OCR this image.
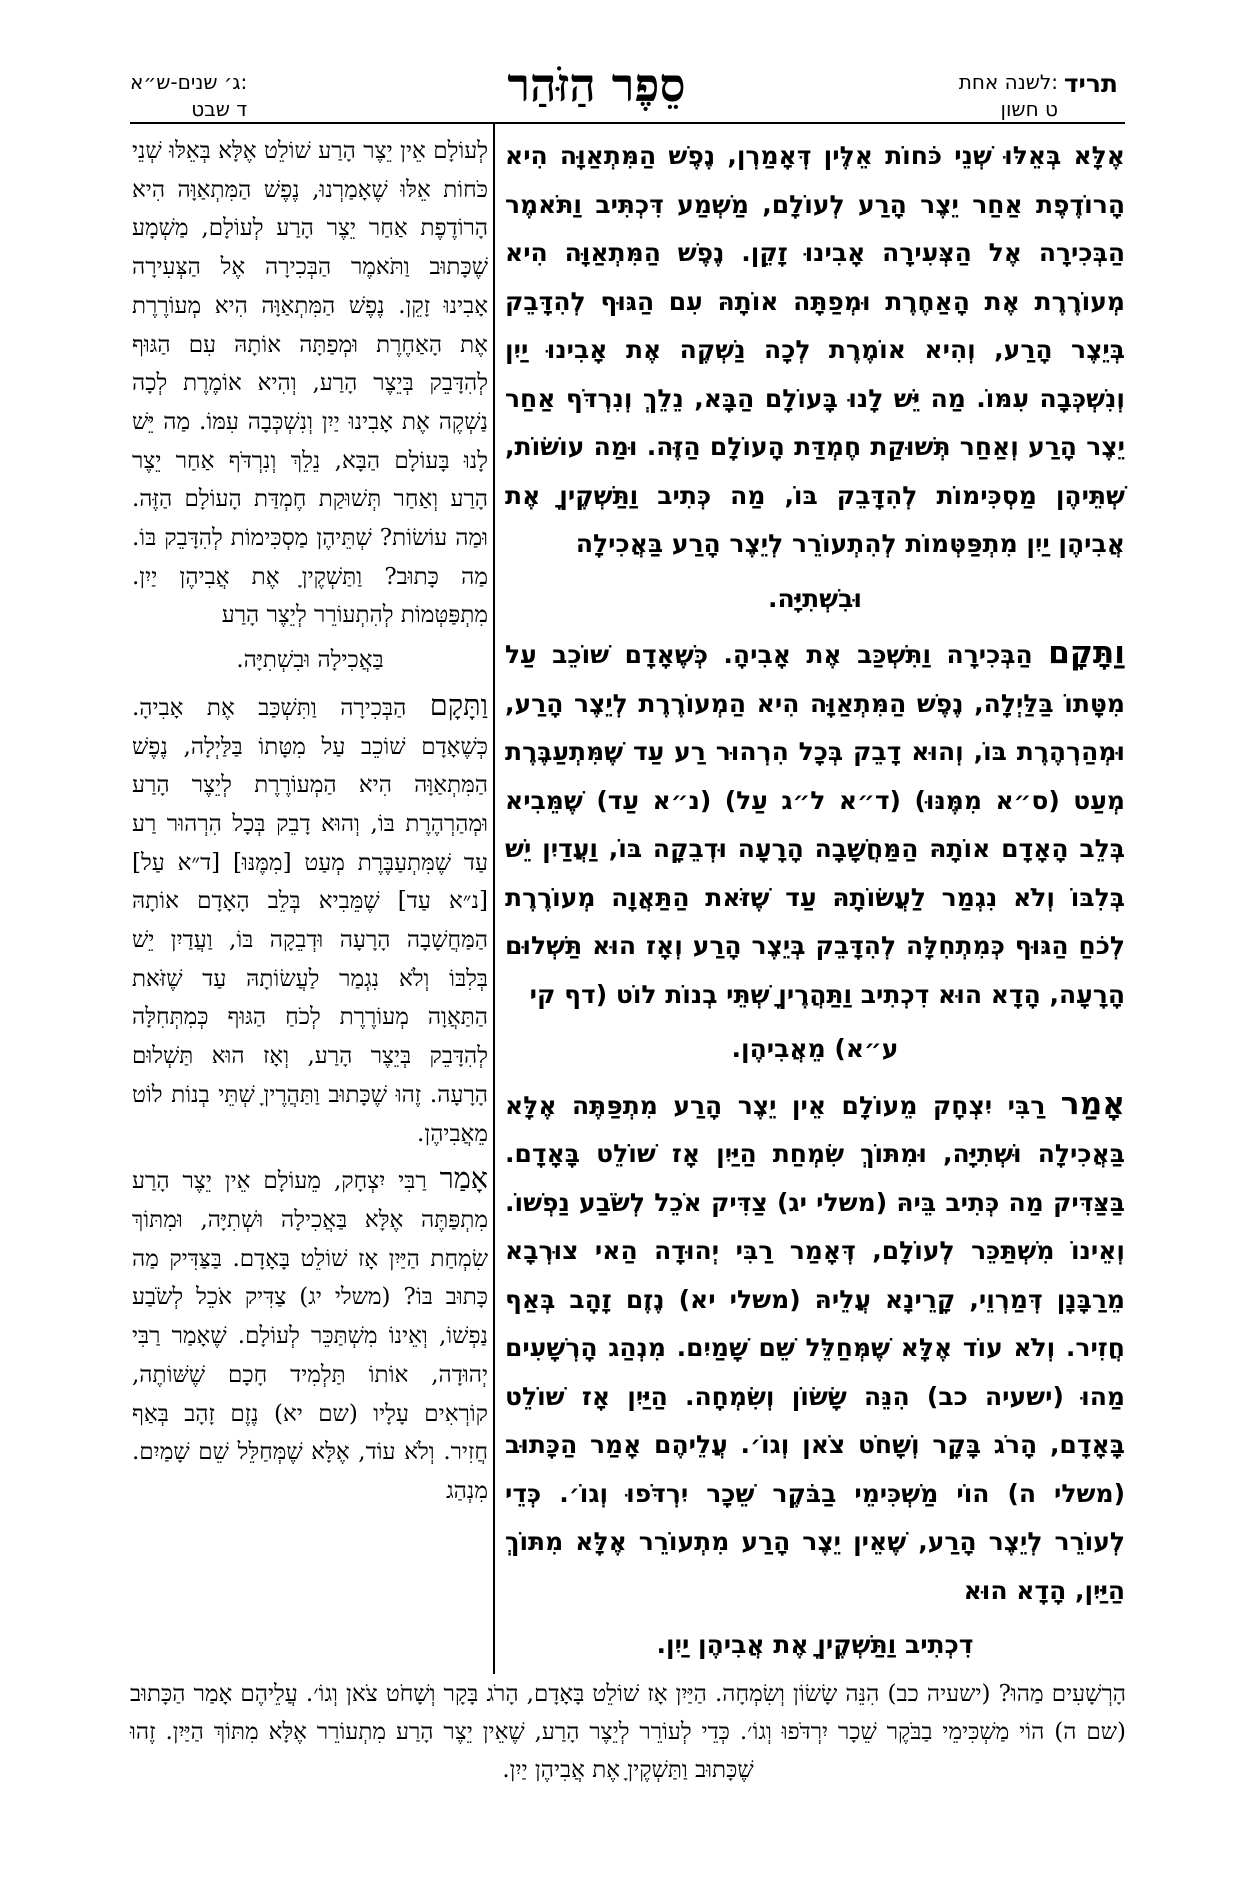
תריד
לשנה אחת:
ט חשון
סֵפֶר הַזֹּהַר
ג׳ שנים-ש״א:
ד שבט

אֶלָּא בְּאֵלּוּ שְׁנֵי כֹּחוֹת אֵלֶּין דְּאָמַרְן, נֶפֶשׁ הַמִּתְאַוָּה הִיא הָרוֹדֶפֶת אַחַר יֵצֶר הָרַע לְעוֹלָם, מַשְׁמַע דִּכְתִּיב וַתֹּאמֶר הַבְּכִירָה אֶל הַצְּעִירָה אָבִינוּ זָקֵן. נֶפֶשׁ הַמִּתְאַוָּה הִיא מְעוֹרֶרֶת אֶת הָאַחֶרֶת וּמְפַתָּה אוֹתָהּ עִם הַגּוּף לְהִדָּבֵק בְּיֵצֶר הָרַע, וְהִיא אוֹמֶרֶת לְכָה נַשְׁקֶה אֶת אָבִינוּ יַיִן וְנִשְׁכְּבָה עִמּוֹ. מַה יֵּשׁ לָנוּ בָּעוֹלָם הַבָּא, נֵלֵךְ וְנִרְדֹּף אַחַר יֵצֶר הָרַע וְאַחַר תְּשׁוּקַת חֶמְדַּת הָעוֹלָם הַזֶּה. וּמַה עוֹשׂוֹת, שְׁתֵּיהֶן מַסְכִּימוֹת לְהִדָּבֵק בּוֹ, מַה כְּתִיב וַתַּשְׁקֶיןָ אֶת אֲבִיהֶן יַיִן מִתְפַּטְּמוֹת לְהִתְעוֹרֵר לְיֵצֶר הָרַע בַּאֲכִילָה

וּבִשְׁתִיָּה.

וַתָּקָם הַבְּכִירָה וַתִּשְׁכַּב אֶת אָבִיהָ. כְּשֶׁאָדָם שׁוֹכֵב עַל מִטָּתוֹ בַּלַּיְלָה, נֶפֶשׁ הַמִּתְאַוָּה הִיא הַמְעוֹרֶרֶת לְיֵצֶר הָרַע, וּמְהַרְהֶרֶת בּוֹ, וְהוּא דָבֵק בְּכָל הִרְהוּר רַע עַד שֶׁמִּתְעַבֶּרֶת מְעַט (ס״א מִמֶּנּוּ) (ד״א ל״ג עַל) (נ״א עַד) שֶׁמֵּבִיא בְּלֵב הָאָדָם אוֹתָהּ הַמַּחֲשָׁבָה הָרָעָה וּדְבֵקָה בּוֹ, וַעֲדַיִן יֵשׁ בְּלִבּוֹ וְלֹא נִגְמַר לַעֲשׂוֹתָהּ עַד שֶׁזֹּאת הַתַּאֲוָה מְעוֹרֶרֶת לְכֹחַ הַגּוּף כְּמִתְחִלָּה לְהִדָּבֵק בְּיֵצֶר הָרַע וְאָז הוּא תַּשְׁלוּם הָרָעָה, הָדָא הוּא דִכְתִיב וַתַּהֲרֶיןָ שְׁתֵּי בְנוֹת לוֹט (דף קי

ע״א) מֵאֲבִיהֶן.

אָמַר רַבִּי יִצְחָק מֵעוֹלָם אֵין יֵצֶר הָרַע מִתְפַּתֶּה אֶלָּא בַּאֲכִילָה וּשְׁתִיָּה, וּמִתּוֹךְ שִׂמְחַת הַיַּיִן אָז שׁוֹלֵט בָּאָדָם. בַּצַּדִּיק מַה כְּתִיב בֵּיהּ (משלי יג) צַדִּיק אֹכֵל לְשֹׂבַע נַפְשׁוֹ. וְאֵינוֹ מִשְׁתַּכֵּר לְעוֹלָם, דְּאָמַר רַבִּי יְהוּדָה הַאי צוּרְבָא מֵרַבָּנָן דְּמַרְוֵי, קָרֵינָא עֲלֵיהּ (משלי יא) נֶזֶם זָהָב בְּאַף חֲזִיר. וְלֹא עוֹד אֶלָּא שֶׁמְּחַלֵּל שֵׁם שָׁמַיִם. מִנְהַג הָרְשָׁעִים מַהוּ (ישעיה כב) הִנֵּה שָׂשׂוֹן וְשִׂמְחָה. הַיַּיִן אָז שׁוֹלֵט בָּאָדָם, הָרֹג בָּקָר וְשָׁחֹט צֹאן וְגוֹ׳. עֲלֵיהֶם אָמַר הַכָּתוּב (משלי ה) הוֹי מַשְׁכִּימֵי בַבֹּקֶר שֵׁכָר יִרְדֹּפוּ וְגוֹ׳. כְּדֵי לְעוֹרֵר לְיֵצֶר הָרַע, שֶׁאֵין יֵצֶר הָרַע מִתְעוֹרֵר אֶלָּא מִתּוֹךְ הַיַּיִן, הָדָא הוּא

דִכְתִיב וַתַּשְׁקֶיןָ אֶת אֲבִיהֶן יַיִן.

לְעוֹלָם אֵין יֵצֶר הָרַע שׁוֹלֵט אֶלָּא בְּאֵלּוּ שְׁנֵי כֹּחוֹת אֵלּוּ שֶׁאָמַרְנוּ, נֶפֶשׁ הַמִּתְאַוָּה הִיא הָרוֹדֶפֶת אַחַר יֵצֶר הָרַע לְעוֹלָם, מַשְׁמָע שֶׁכָּתוּב וַתֹּאמֶר הַבְּכִירָה אֶל הַצְּעִירָה אָבִינוּ זָקֵן. נֶפֶשׁ הַמִּתְאַוָּה הִיא מְעוֹרֶרֶת אֶת הָאַחֶרֶת וּמְפַתָּה אוֹתָהּ עִם הַגּוּף לְהִדָּבֵק בְּיֵצֶר הָרַע, וְהִיא אוֹמֶרֶת לְכָה נַשְׁקֶה אֶת אָבִינוּ יַיִן וְנִשְׁכְּבָה עִמּוֹ. מַה יֵּשׁ לָנוּ בָּעוֹלָם הַבָּא, נֵלֵךְ וְנִרְדֹּף אַחַר יֵצֶר הָרַע וְאַחַר תְּשׁוּקַת חֶמְדַּת הָעוֹלָם הַזֶּה. וּמַה עוֹשׂוֹת? שְׁתֵּיהֶן מַסְכִּימוֹת לְהִדָּבֵק בּוֹ. מַה כָּתוּב? וַתַּשְׁקֶיןָ אֶת אֲבִיהֶן יַיִן. מִתְפַּטְּמוֹת לְהִתְעוֹרֵר לְיֵצֶר הָרַע

בַּאֲכִילָה וּבִשְׁתִיָּה.

וַתָּקָם הַבְּכִירָה וַתִּשְׁכַּב אֶת אָבִיהָ. כְּשֶׁאָדָם שׁוֹכֵב עַל מִטָּתוֹ בַּלַּיְלָה, נֶפֶשׁ הַמִּתְאַוָּה הִיא הַמְעוֹרֶרֶת לְיֵצֶר הָרַע וּמְהַרְהֶרֶת בּוֹ, וְהוּא דָבֵק בְּכָל הִרְהוּר רַע עַד שֶׁמִּתְעַבֶּרֶת מְעַט [מִמֶּנּוּ] [ד״א עַל] [נ״א עַד] שֶׁמֵּבִיא בְּלֵב הָאָדָם אוֹתָהּ הַמַּחֲשָׁבָה הָרָעָה וּדְבֵקָה בּוֹ, וַעֲדַיִן יֵשׁ בְּלִבּוֹ וְלֹא נִגְמַר לַעֲשׂוֹתָהּ עַד שֶׁזֹּאת הַתַּאֲוָה מְעוֹרֶרֶת לְכֹחַ הַגּוּף כְּמִתְּחִלָּה לְהִדָּבֵק בְּיֵצֶר הָרַע, וְאָז הוּא תַּשְׁלוּם הָרָעָה. זֶהוּ שֶׁכָּתוּב וַתַּהֲרֶיןָ שְׁתֵּי בְנוֹת לוֹט מֵאֲבִיהֶן.

אָמַר רַבִּי יִצְחָק, מֵעוֹלָם אֵין יֵצֶר הָרַע מִתְפַּתֶּה אֶלָּא בַּאֲכִילָה וּשְׁתִיָּה, וּמִתּוֹךְ שִׂמְחַת הַיַּיִן אָז שׁוֹלֵט בָּאָדָם. בַּצַּדִּיק מַה כָּתוּב בּוֹ? (משלי יג) צַדִּיק אֹכֵל לְשֹׂבַע נַפְשׁוֹ, וְאֵינוֹ מִשְׁתַּכֵּר לְעוֹלָם. שֶׁאָמַר רַבִּי יְהוּדָה, אוֹתוֹ תַּלְמִיד חָכָם שֶׁשּׁוֹתֶה, קוֹרְאִים עָלָיו (שם יא) נֶזֶם זָהָב בְּאַף חֲזִיר. וְלֹא עוֹד, אֶלָּא שֶׁמְּחַלֵּל שֵׁם שָׁמַיִם. מִנְהַג

הָרְשָׁעִים מַהוּ? (ישעיה כב) הִנֵּה שָׂשׂוֹן וְשִׂמְחָה. הַיַּיִן אָז שׁוֹלֵט בָּאָדָם, הָרֹג בָּקָר וְשָׁחֹט צֹאן וְגוֹ׳. עֲלֵיהֶם אָמַר הַכָּתוּב (שם ה) הוֹי מַשְׁכִּימֵי בַבֹּקֶר שֵׁכָר יִרְדֹּפוּ וְגוֹ׳. כְּדֵי לְעוֹרֵר לְיֵצֶר הָרַע, שֶׁאֵין יֵצֶר הָרַע מִתְעוֹרֵר אֶלָּא מִתּוֹךְ הַיַּיִן. זֶהוּ שֶׁכָּתוּב וַתַּשְׁקֶיןָ אֶת אֲבִיהֶן יַיִן.
